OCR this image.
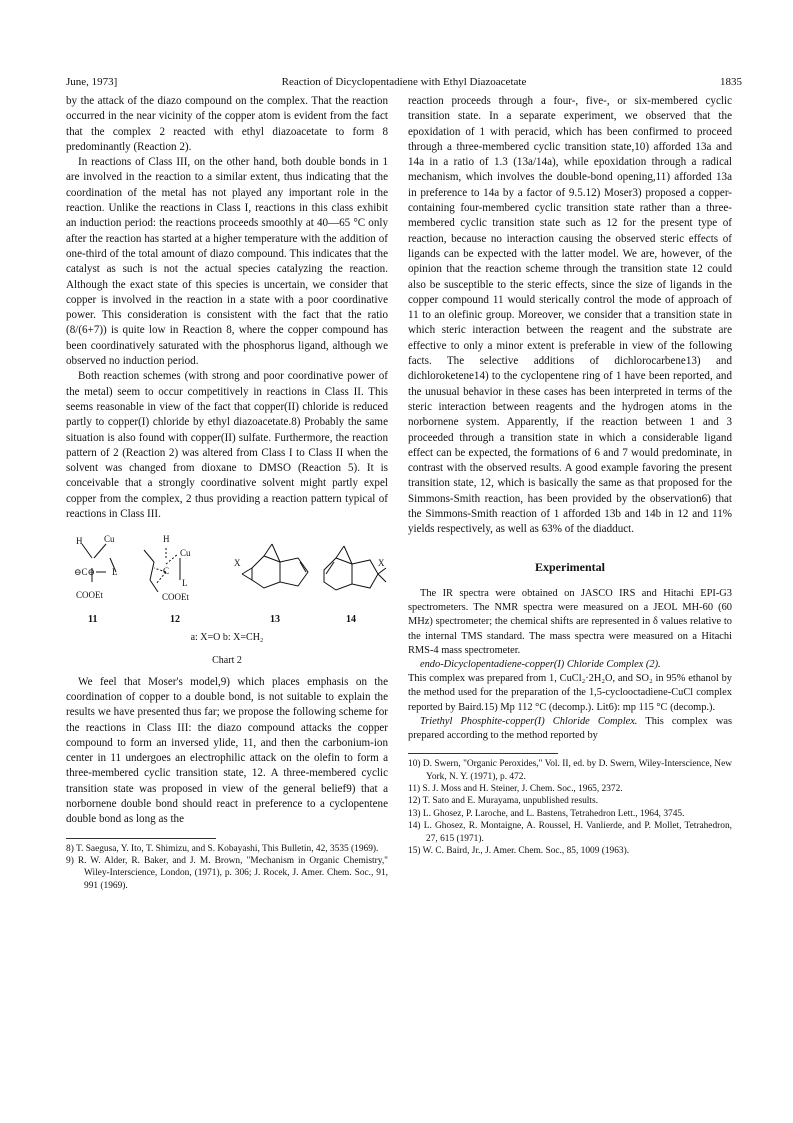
June, 1973]	Reaction of Dicyclopentadiene with Ethyl Diazoacetate	1835

by the attack of the diazo compound on the complex. That the reaction occurred in the near vicinity of the copper atom is evident from the fact that the complex 2 reacted with ethyl diazoacetate to form 8 predominantly (Reaction 2).

In reactions of Class III, on the other hand, both double bonds in 1 are involved in the reaction to a similar extent, thus indicating that the coordination of the metal has not played any important role in the reaction. Unlike the reactions in Class I, reactions in this class exhibit an induction period: the reactions proceeds smoothly at 40—65 °C only after the reaction has started at a higher temperature with the addition of one-third of the total amount of diazo compound. This indicates that the catalyst as such is not the actual species catalyzing the reaction. Although the exact state of this species is uncertain, we consider that copper is involved in the reaction in a state with a poor coordinative power. This consideration is consistent with the fact that the ratio (8/(6+7)) is quite low in Reaction 8, where the copper compound has been coordinatively saturated with the phosphorus ligand, although we observed no induction period.

Both reaction schemes (with strong and poor coordinative power of the metal) seem to occur competitively in reactions in Class II. This seems reasonable in view of the fact that copper(II) chloride is reduced partly to copper(I) chloride by ethyl diazoacetate.8) Probably the same situation is also found with copper(II) sulfate. Furthermore, the reaction pattern of 2 (Reaction 2) was altered from Class I to Class II when the solvent was changed from dioxane to DMSO (Reaction 5). It is conceivable that a strongly coordinative solvent might partly expel copper from the complex, 2 thus providing a reaction pattern typical of reactions in Class III.

H Cu
⊖C⊖ L
COOEt
H
Cu
C
L
COOEt
X	X
11	12	13	14
a: X=O b: X=CH₂
Chart 2

We feel that Moser's model,9) which places emphasis on the coordination of copper to a double bond, is not suitable to explain the results we have presented thus far; we propose the following scheme for the reactions in Class III: the diazo compound attacks the copper compound to form an inversed ylide, 11, and then the carbonium-ion center in 11 undergoes an electrophilic attack on the olefin to form a three-membered cyclic transition state, 12. A three-membered cyclic transition state was proposed in view of the general belief9) that a norbornene double bond should react in preference to a cyclopentene double bond as long as the

8) T. Saegusa, Y. Ito, T. Shimizu, and S. Kobayashi, This Bulletin, 42, 3535 (1969).
9) R. W. Alder, R. Baker, and J. M. Brown, "Mechanism in Organic Chemistry," Wiley-Interscience, London, (1971), p. 306; J. Rocek, J. Amer. Chem. Soc., 91, 991 (1969).

reaction proceeds through a four-, five-, or six-membered cyclic transition state. In a separate experiment, we observed that the epoxidation of 1 with peracid, which has been confirmed to proceed through a three-membered cyclic transition state,10) afforded 13a and 14a in a ratio of 1.3 (13a/14a), while epoxidation through a radical mechanism, which involves the double-bond opening,11) afforded 13a in preference to 14a by a factor of 9.5.12) Moser3) proposed a copper-containing four-membered cyclic transition state rather than a three-membered cyclic transition state such as 12 for the present type of reaction, because no interaction causing the observed steric effects of ligands can be expected with the latter model. We are, however, of the opinion that the reaction scheme through the transition state 12 could also be susceptible to the steric effects, since the size of ligands in the copper compound 11 would sterically control the mode of approach of 11 to an olefinic group. Moreover, we consider that a transition state in which steric interaction between the reagent and the substrate are effective to only a minor extent is preferable in view of the following facts. The selective additions of dichlorocarbene13) and dichloroketene14) to the cyclopentene ring of 1 have been reported, and the unusual behavior in these cases has been interpreted in terms of the steric interaction between reagents and the hydrogen atoms in the norbornene system. Apparently, if the reaction between 1 and 3 proceeded through a transition state in which a considerable ligand effect can be expected, the formations of 6 and 7 would predominate, in contrast with the observed results. A good example favoring the present transition state, 12, which is basically the same as that proposed for the Simmons-Smith reaction, has been provided by the observation6) that the Simmons-Smith reaction of 1 afforded 13b and 14b in 12 and 11% yields respectively, as well as 63% of the diadduct.

Experimental

The IR spectra were obtained on JASCO IRS and Hitachi EPI-G3 spectrometers. The NMR spectra were measured on a JEOL MH-60 (60 MHz) spectrometer; the chemical shifts are represented in δ values relative to the internal TMS standard. The mass spectra were measured on a Hitachi RMS-4 mass spectrometer.

endo-Dicyclopentadiene-copper(I) Chloride Complex (2).

This complex was prepared from 1, CuCl₂·2H₂O, and SO₂ in 95% ethanol by the method used for the preparation of the 1,5-cyclooctadiene-CuCl complex reported by Baird.15) Mp 112 °C (decomp.). Lit6): mp 115 °C (decomp.).

Triethyl Phosphite-copper(I) Chloride Complex. This complex was prepared according to the method reported by

10) D. Swern, "Organic Peroxides," Vol. II, ed. by D. Swern, Wiley-Interscience, New York, N. Y. (1971), p. 472.
11) S. J. Moss and H. Steiner, J. Chem. Soc., 1965, 2372.
12) T. Sato and E. Murayama, unpublished results.
13) L. Ghosez, P. Laroche, and L. Bastens, Tetrahedron Lett., 1964, 3745.
14) L. Ghosez, R. Montaigne, A. Roussel, H. Vanlierde, and P. Mollet, Tetrahedron, 27, 615 (1971).
15) W. C. Baird, Jr., J. Amer. Chem. Soc., 85, 1009 (1963).
